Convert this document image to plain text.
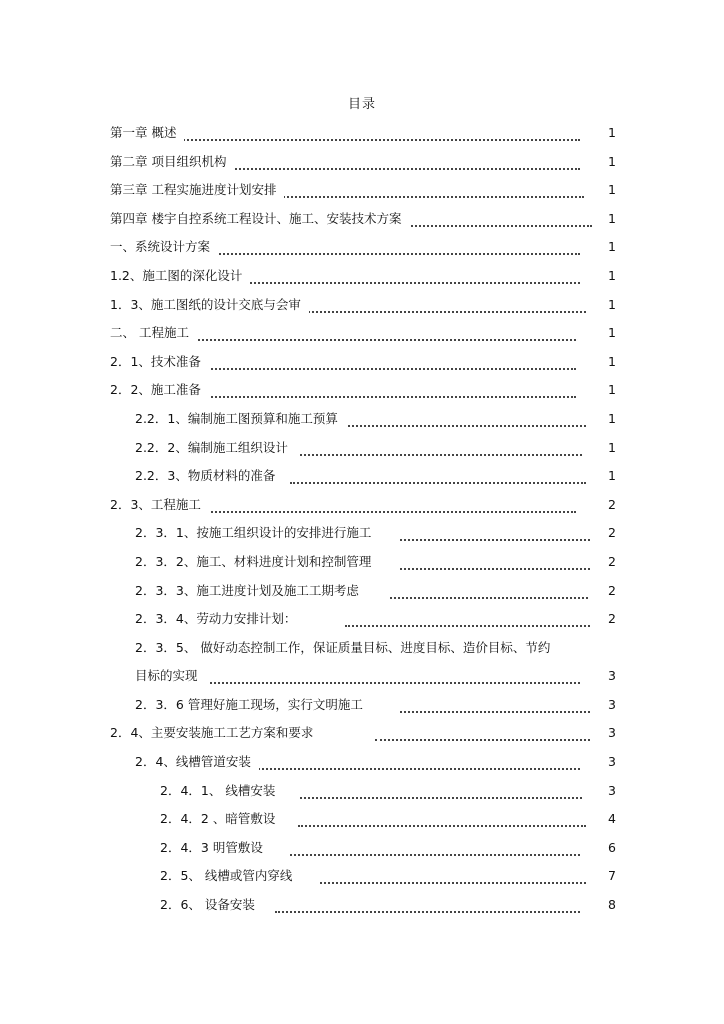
目录
第一章 概述	1
第二章 项目组织机构	1
第三章 工程实施进度计划安排	1
第四章 楼宇自控系统工程设计、施工、安装技术方案	1
一、系统设计方案	1
1.2、施工图的深化设计	1
1．3、施工图纸的设计交底与会审	1
二、 工程施工	1
2．1、技术准备	1
2．2、施工准备	1
2.2．1、编制施工图预算和施工预算	1
2.2．2、编制施工组织设计	1
2.2．3、物质材料的准备	1
2．3、工程施工	2
2．3．1、按施工组织设计的安排进行施工	2
2．3．2、施工、材料进度计划和控制管理	2
2．3．3、施工进度计划及施工工期考虑	2
2．3．4、劳动力安排计划：	2
2．3．5、 做好动态控制工作，保证质量目标、进度目标、造价目标、节约
目标的实现	3
2．3．6 管理好施工现场，实行文明施工	3
2．4、主要安装施工工艺方案和要求	3
2．4、线槽管道安装	3
2．4．1、 线槽安装	3
2．4．2 、暗管敷设	4
2．4．3 明管敷设	6
2．5、 线槽或管内穿线	7
2．6、 设备安装	8
